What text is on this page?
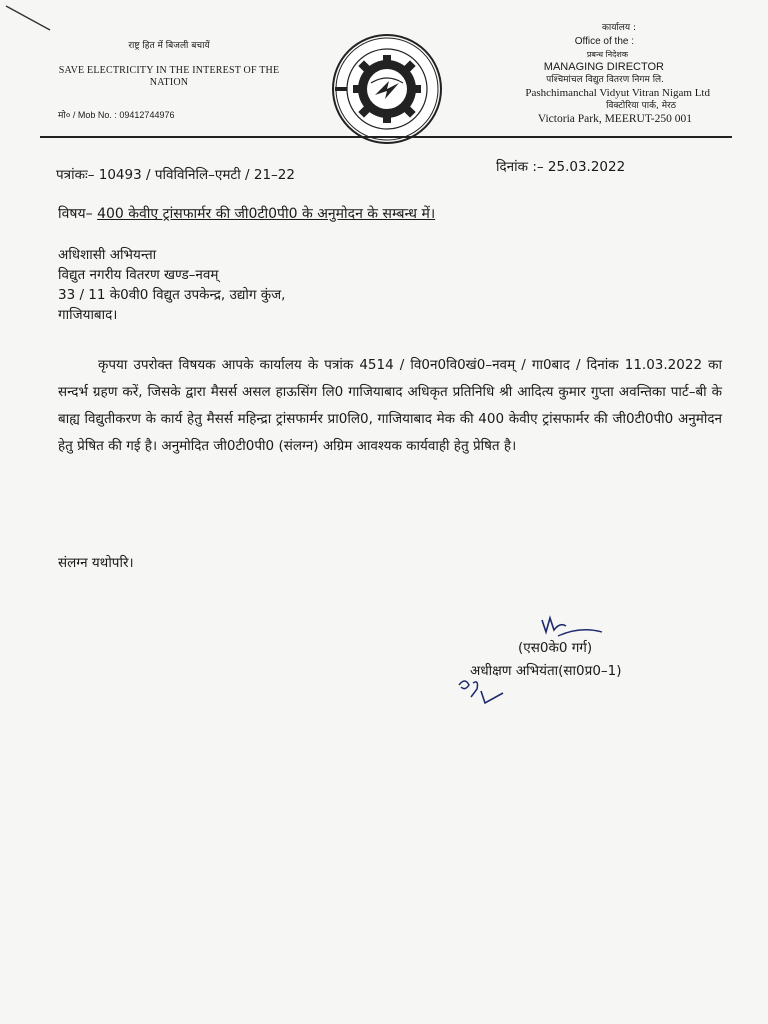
राष्ट्र हित में बिजली बचायें
SAVE ELECTRICITY IN THE INTEREST OF THE NATION
मो० / Mob No. : 09412744976
कार्यालय :
Office of the :
प्रबन्ध निदेशक
MANAGING DIRECTOR
पश्चिमांचल विद्युत वितरण निगम लि.
Pashchimanchal Vidyut Vitran Nigam Ltd
विक्टोरिया पार्क, मेरठ
Victoria Park, MEERUT-250 001
पत्रांकः– 10493 / पविविनिलि–एमटी / 21–22	दिनांक :– 25.03.2022
विषय– 400 केवीए ट्रांसफार्मर की जी0टी0पी0 के अनुमोदन के सम्बन्ध में।
अधिशासी अभियन्ता
विद्युत नगरीय वितरण खण्ड–नवम्
33 / 11 के0वी0 विद्युत उपकेन्द्र, उद्योग कुंज,
गाजियाबाद।
कृपया उपरोक्त विषयक आपके कार्यालय के पत्रांक 4514 / वि0न0वि0खं0–नवम् / गा0बाद / दिनांक 11.03.2022 का सन्दर्भ ग्रहण करें, जिसके द्वारा मैसर्स असल हाऊसिंग लि0 गाजियाबाद अधिकृत प्रतिनिधि श्री आदित्य कुमार गुप्ता अवन्तिका पार्ट–बी के बाह्य विद्युतीकरण के कार्य हेतु मैसर्स महिन्द्रा ट्रांसफार्मर प्रा0लि0, गाजियाबाद मेक की 400 केवीए ट्रांसफार्मर की जी0टी0पी0 अनुमोदन हेतु प्रेषित की गई है। अनुमोदित जी0टी0पी0 (संलग्न) अग्रिम आवश्यक कार्यवाही हेतु प्रेषित है।
संलग्न यथोपरि।
(एस0के0 गर्ग)
अधीक्षण अभियंता(सा0प्र0–1)
